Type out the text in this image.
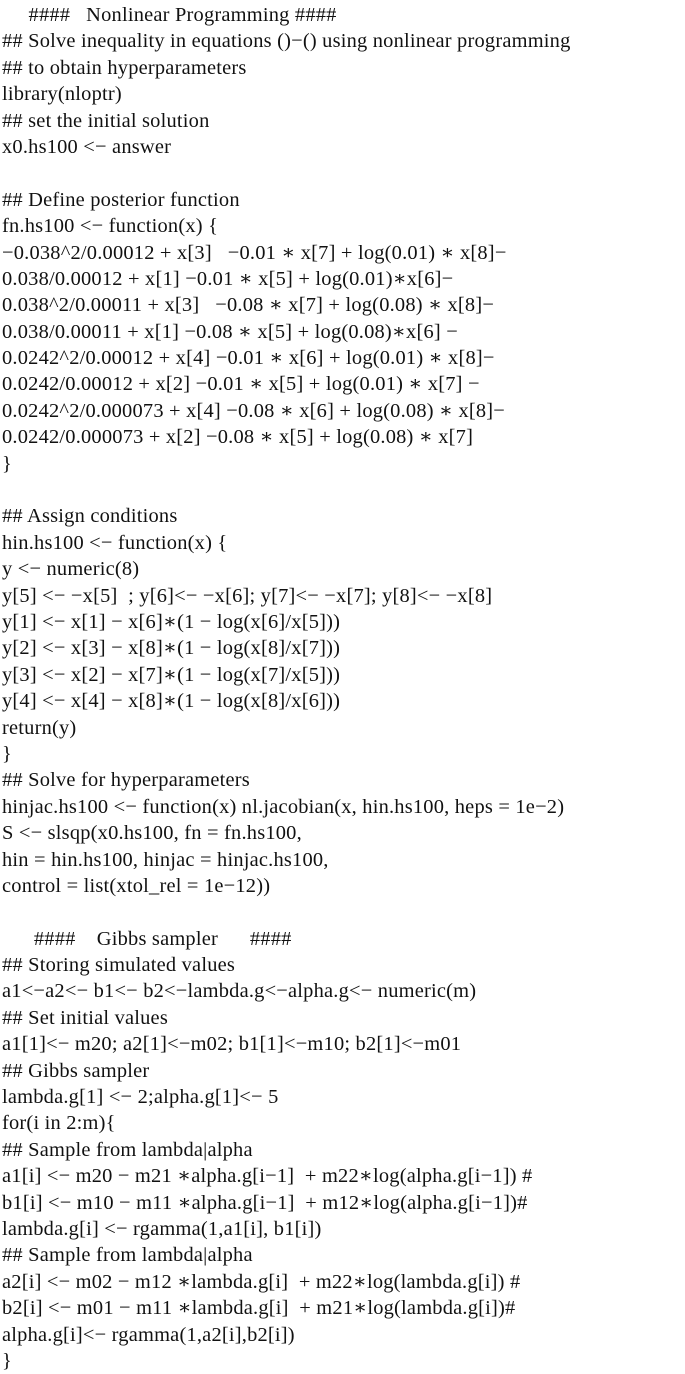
####   Nonlinear Programming ####
## Solve inequality in equations ()−() using nonlinear programming
## to obtain hyperparameters
library(nloptr)
## set the initial solution
x0.hs100 <− answer
## Define posterior function
fn.hs100 <− function(x) {
−0.038^2/0.00012 + x[3]   −0.01 ∗ x[7] + log(0.01) ∗ x[8]−
0.038/0.00012 + x[1] −0.01 ∗ x[5] + log(0.01)∗x[6]−
0.038^2/0.00011 + x[3]   −0.08 ∗ x[7] + log(0.08) ∗ x[8]−
0.038/0.00011 + x[1] −0.08 ∗ x[5] + log(0.08)∗x[6] −
0.0242^2/0.00012 + x[4] −0.01 ∗ x[6] + log(0.01) ∗ x[8]−
0.0242/0.00012 + x[2] −0.01 ∗ x[5] + log(0.01) ∗ x[7] −
0.0242^2/0.000073 + x[4] −0.08 ∗ x[6] + log(0.08) ∗ x[8]−
0.0242/0.000073 + x[2] −0.08 ∗ x[5] + log(0.08) ∗ x[7]
}
## Assign conditions
hin.hs100 <− function(x) {
y <− numeric(8)
y[5] <− −x[5]  ; y[6]<− −x[6]; y[7]<− −x[7]; y[8]<− −x[8]
y[1] <− x[1] − x[6]∗(1 − log(x[6]/x[5]))
y[2] <− x[3] − x[8]∗(1 − log(x[8]/x[7]))
y[3] <− x[2] − x[7]∗(1 − log(x[7]/x[5]))
y[4] <− x[4] − x[8]∗(1 − log(x[8]/x[6]))
return(y)
}
## Solve for hyperparameters
hinjac.hs100 <− function(x) nl.jacobian(x, hin.hs100, heps = 1e−2)
S <− slsqp(x0.hs100, fn = fn.hs100,
hin = hin.hs100, hinjac = hinjac.hs100,
control = list(xtol_rel = 1e−12))
####    Gibbs sampler      ####
## Storing simulated values
a1<−a2<− b1<− b2<−lambda.g<−alpha.g<− numeric(m)
## Set initial values
a1[1]<− m20; a2[1]<−m02; b1[1]<−m10; b2[1]<−m01
## Gibbs sampler
lambda.g[1] <− 2;alpha.g[1]<− 5
for(i in 2:m){
## Sample from lambda|alpha
a1[i] <− m20 − m21 ∗alpha.g[i−1]  + m22∗log(alpha.g[i−1]) #
b1[i] <− m10 − m11 ∗alpha.g[i−1]  + m12∗log(alpha.g[i−1])#
lambda.g[i] <− rgamma(1,a1[i], b1[i])
## Sample from lambda|alpha
a2[i] <− m02 − m12 ∗lambda.g[i]  + m22∗log(lambda.g[i]) #
b2[i] <− m01 − m11 ∗lambda.g[i]  + m21∗log(lambda.g[i])#
alpha.g[i]<− rgamma(1,a2[i],b2[i])
}
